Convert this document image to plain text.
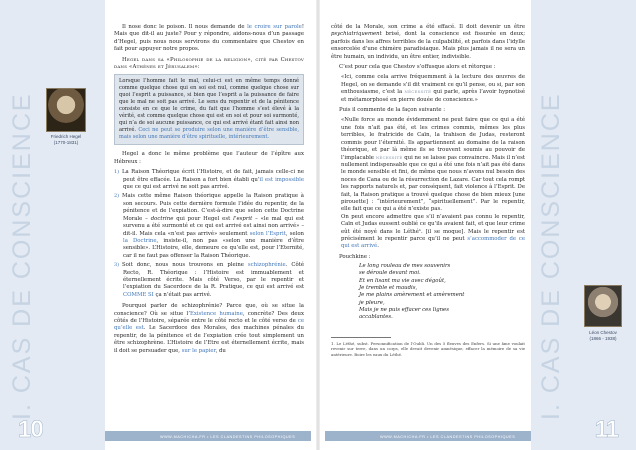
I. CAS DE CONSCIENCE	Friedrich Hegel
(1770-1831)
10
I. CAS DE CONSCIENCE	Léon Chestov
(1866 - 1938)
11
WWW.MACHICHA.FR • LES CLANDESTINS PHILOSOPHIQUES	WWW.MACHICHA.FR • LES CLANDESTINS PHILOSOPHIQUES

Il nose donc le poison. Il nous demande de le croire sur parole! Mais que dit-il au juste? Pour y répondre, aidons-nous d’un passage d’Hegel, puis nous nous servirons du commentaire que Chestov en fait pour appuyer notre propos.

Hegel dans sa «Philosophie de la religion», cité par Chestov dans «Athènes et Jérusalem»:

Lorsque l’homme fait le mal, celui-ci est en même temps donné comme quelque chose qui en soi est nul, comme quelque chose sur quoi l’esprit a puissance, si bien que l’esprit a la puissance de faire que le mal ne soit pas arrivé. Le sens du repentir et de la pénitence consiste en ce que le crime, du fait que l’homme s’est élevé à la vérité, est comme quelque chose qui est en soi et pour soi surmonté, qui n’a de soi aucune puissance, ce qui est arrivé étant fait ainsi non arrivé. Ceci ne peut se produire selon une manière d’être sensible, mais selon une manière d’être spirituelle, intérieurement.

Hegel a donc le même problème que l’auteur de l’épître aux Hébreux :

1) La Raison Théorique écrit l’Histoire, et de fait, jamais celle-ci ne peut être effacée. La Raison a fort bien établi qu’il est impossible que ce qui est arrivé ne soit pas arrivé.
2) Mais cette même Raison théorique appelle la Raison pratique à son secours. Puis cette dernière formule l’idée du repentir, de la pénitence et de l’expiation. C’est-à-dire que selon cette Doctrine Morale – doctrine qui pour Hegel est l’esprit – «le mal qui est survenu a été surmonté et ce qui est arrivé est ainsi non arrivé» – dit-il. Mais cela «n’est pas arrivé» seulement selon l’Esprit, selon la Doctrine, insiste-il, non pas «selon une manière d’être sensible». L’Histoire, elle, demeure ce qu’elle est, pour l’Eternité, car il ne faut pas offenser la Raison Théorique.
3) Soit donc, nous nous trouvons en pleine schizophrénie. Côté Recto, R. Théorique : l’Histoire est immuablement et éternellement écrite. Mais côté Verso, par le repentir et l’expiation du Sacerdoce de la R. Pratique, ce qui est arrivé est COMME SI ça n’était pas arrivé.

Pourquoi parler de schizophrénie? Parce que, où se situe la conscience? Où se situe l’Existence humaine, concrète? Des deux côtés de l’Histoire, séparée entre le côté recto et le côté verso de ce qu’elle est. Le Sacerdoce des Morales, des machines pénales du repentir, de la pénitence et de l’expiation crée tout simplement un être schizophrène. L’Histoire de l’Etre est éternellement écrite, mais il doit se persuader que, sur le papier, du

côté de la Morale, son crime a été effacé. Il doit devenir un être psychiatriquement brisé, dont la conscience est fissurée en deux; parfois dans les affres terribles de la culpabilité, et parfois dans l’idylle ensorcelée d’une chimère paradisiaque. Mais plus jamais il ne sera un être humain, un individu, un être entier, indivisible.

C’est pour cela que Chestov s’offusque alors et rétorque :

«Ici, comme cela arrive fréquemment à la lecture des œuvres de Hegel, on se demande s’il dit vraiment ce qu’il pense, ou si, par son enthousiasme, c’est la nécessité qui parle, après l’avoir hypnotisé et métamorphosé en pierre douée de conscience.»

Puis il commente de la façon suivante :

«Nulle force au monde évidemment ne peut faire que ce qui a été une fois n’ait pas été, et les crimes commis, mêmes les plus terribles, le fratricide de Caïn, la trahison de Judas, resteront commis pour l’éternité. Ils appartiennent au domaine de la raison théorique, et par là même ils se trouvent soumis au pouvoir de l’implacable nécessité qui ne se laisse pas convaincre. Mais il n’est nullement indispensable que ce qui a été une fois n’ait pas été dans le monde sensible et fini, de même que nous n’avons nul besoin des noces de Cana ou de la résurrection de Lazare. Car tout cela rompt les rapports naturels et, par conséquent, fait violence à l’Esprit. De fait, la Raison pratique a trouvé quelque chose de bien mieux [une pirouette] : “intérieurement”, “spirituellement”. Par le repentir, elle fait que ce qui a été n’existe pas.

On peut encore admettre que s’il n’avaient pas connu le repentir, Caïn et Judas eussent oublié ce qu’ils avaient fait, et que leur crime eût été noyé dans le Léthé¹. [il se moque]. Mais le repentir est précisément le repentir parce qu’il ne peut s’accommoder de ce qui est arrivé.

Pouchkine :

Le long rouleau de mes souvenirs
se déroule devant moi.
Et en lisant ma vie avec dégoût,
Je tremble et maudis,
Je me plains amèrement et amèrement
je pleure,
Mais je ne puis effacer ces lignes
accablantes.
1. Le Léthé, subst. Personnification de l’Oubli. Un des 5 fleuves des Enfers. Si une âme voulait revenir sur terre, dans un corps, elle devait devenir amnésique, effacer la mémoire de sa vie antérieure. Boire les eaux du Léthé.
